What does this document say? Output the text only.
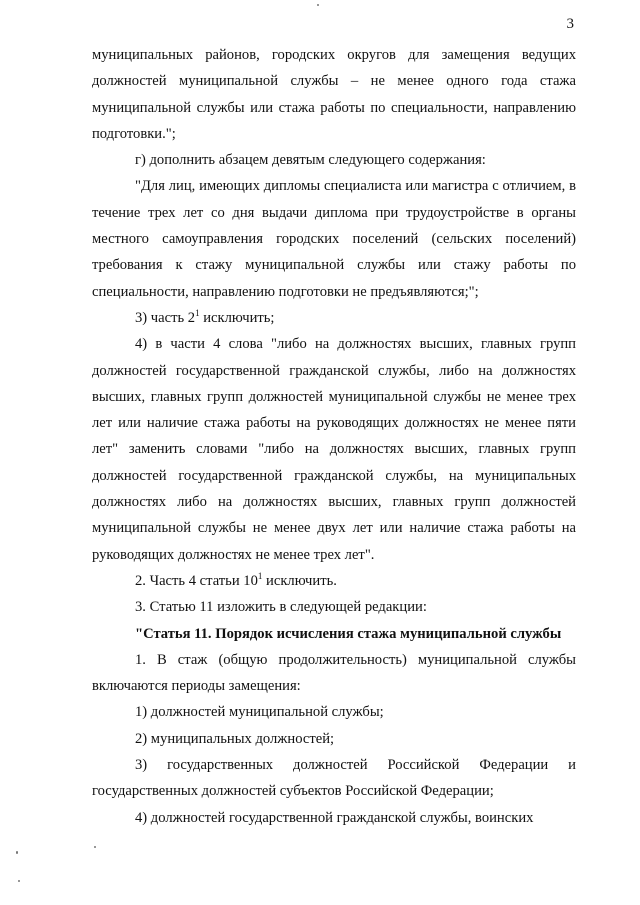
3

муниципальных районов, городских округов для замещения ведущих должностей муниципальной службы – не менее одного года стажа муниципальной службы или стажа работы по специальности, направлению подготовки.";

г) дополнить абзацем девятым следующего содержания:

"Для лиц, имеющих дипломы специалиста или магистра с отличием, в течение трех лет со дня выдачи диплома при трудоустройстве в органы местного самоуправления городских поселений (сельских поселений) требования к стажу муниципальной службы или стажу работы по специальности, направлению подготовки не предъявляются;";

3) часть $2^1$ исключить;

4) в части 4 слова "либо на должностях высших, главных групп должностей государственной гражданской службы, либо на должностях высших, главных групп должностей муниципальной службы не менее трех лет или наличие стажа работы на руководящих должностях не менее пяти лет" заменить словами "либо на должностях высших, главных групп должностей государственной гражданской службы, на муниципальных должностях либо на должностях высших, главных групп должностей муниципальной службы не менее двух лет или наличие стажа работы на руководящих должностях не менее трех лет".

2. Часть 4 статьи $10^1$ исключить.

3. Статью 11 изложить в следующей редакции:

"Статья 11. Порядок исчисления стажа муниципальной службы

1. В стаж (общую продолжительность) муниципальной службы включаются периоды замещения:

1) должностей муниципальной службы;

2) муниципальных должностей;

3) государственных должностей Российской Федерации и государственных должностей субъектов Российской Федерации;

4) должностей государственной гражданской службы, воинских
